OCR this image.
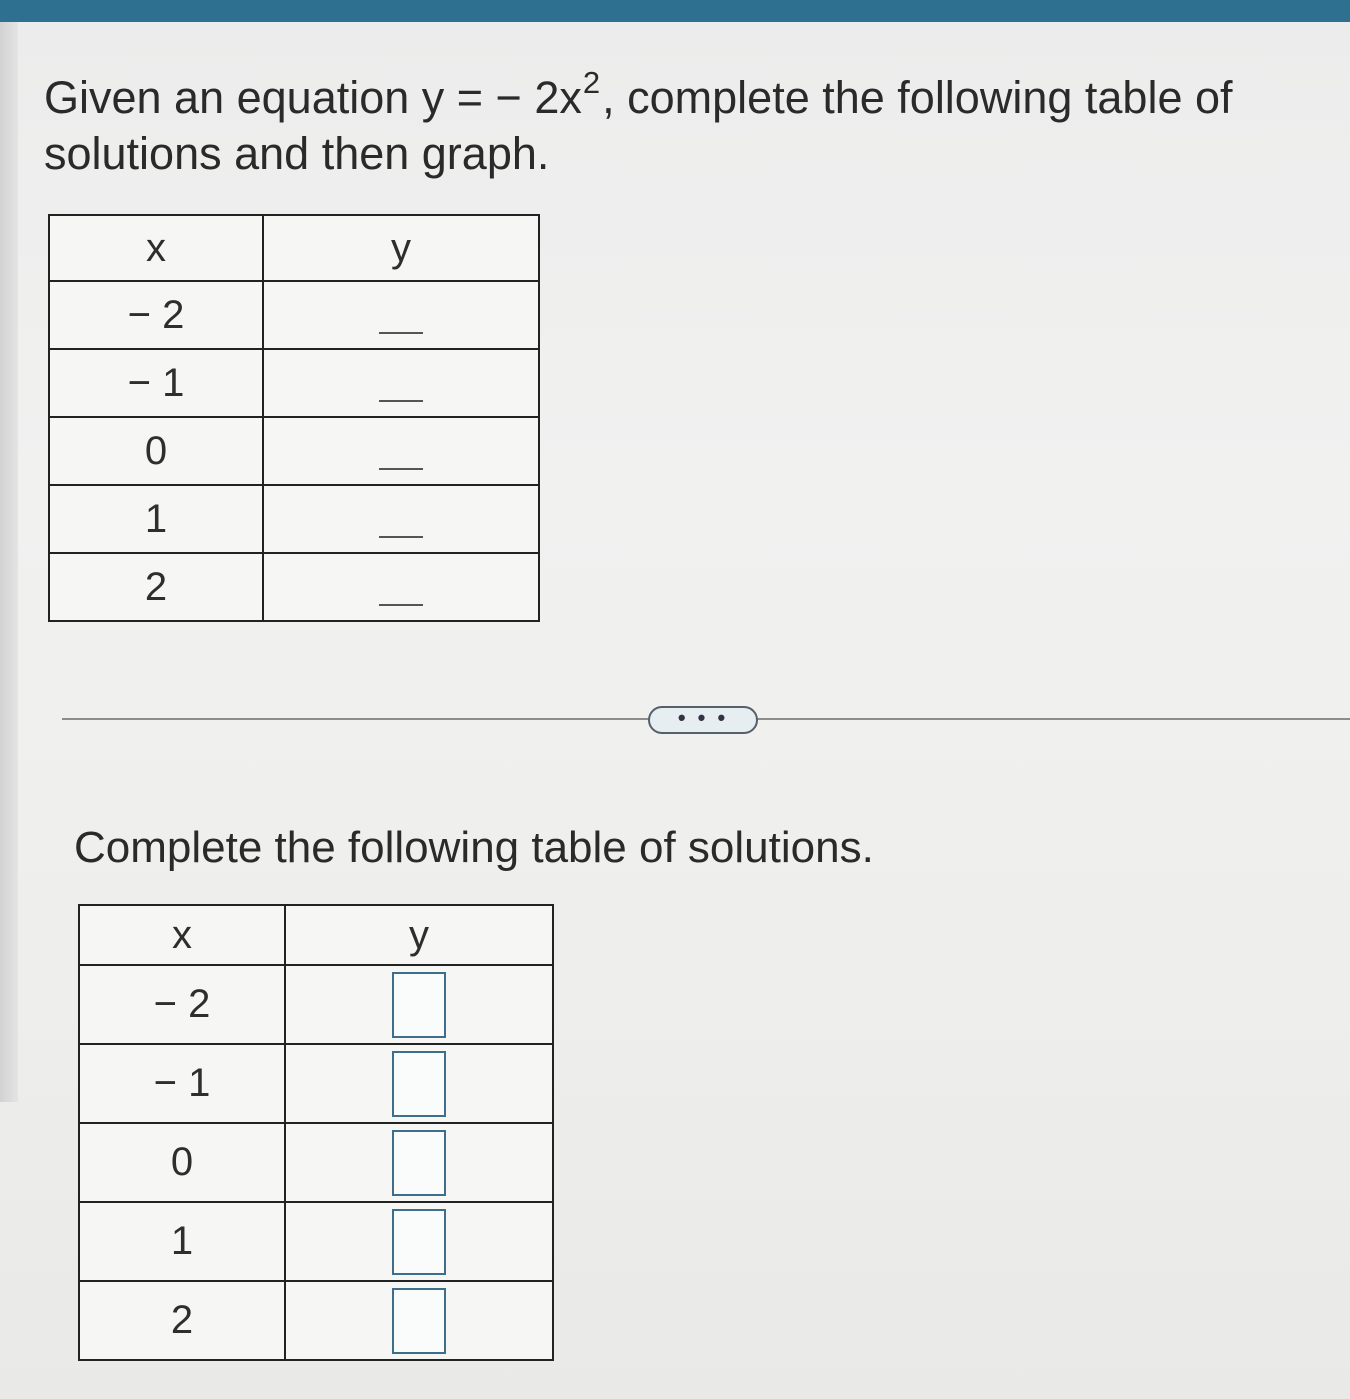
Given an equation y = − $2x^2$, complete the following table of solutions and then graph.
x	y
− 2	
− 1	
0	
1	
2	
• • •
Complete the following table of solutions.
x	y
− 2	
− 1	
0	
1	
2	
